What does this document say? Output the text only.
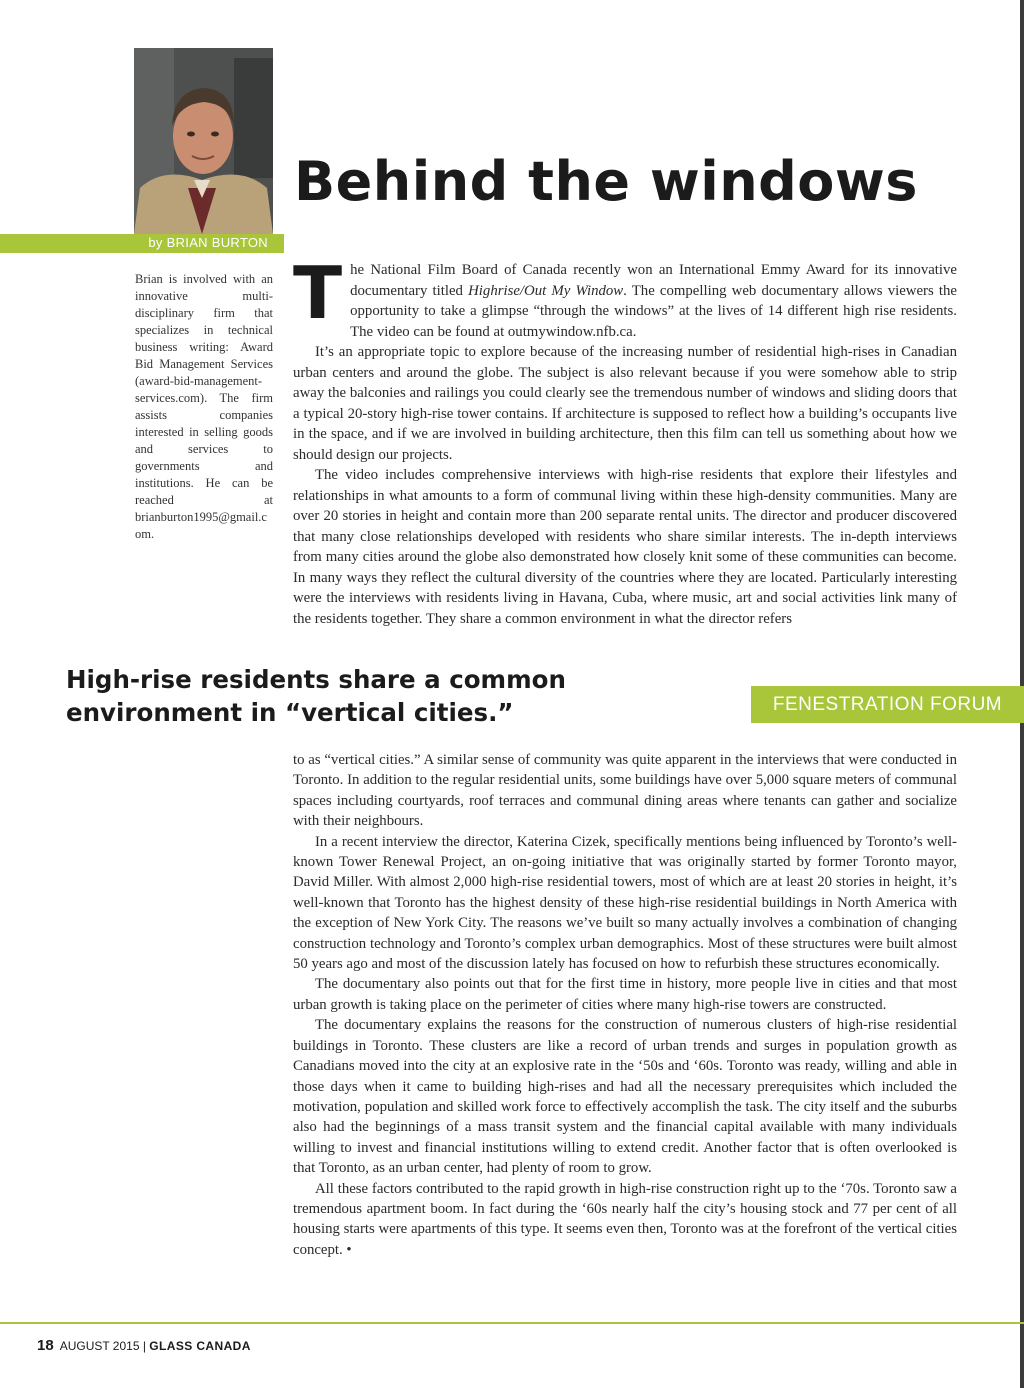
by BRIAN BURTON
Behind the windows

Brian is involved with an innovative multi-disciplinary firm that specializes in technical business writing: Award Bid Management Services (award-bid-management-services.com). The firm assists companies interested in selling goods and services to governments and institutions. He can be reached at brianburton1995@gmail.com.

The National Film Board of Canada recently won an International Emmy Award for its innovative documentary titled Highrise/Out My Window. The compelling web documentary allows viewers the opportunity to take a glimpse “through the windows” at the lives of 14 different high rise residents. The video can be found at outmywindow.nfb.ca.

It’s an appropriate topic to explore because of the increasing number of residential high-rises in Canadian urban centers and around the globe. The subject is also relevant because if you were somehow able to strip away the balconies and railings you could clearly see the tremendous number of windows and sliding doors that a typical 20-story high-rise tower contains. If architecture is supposed to reflect how a building’s occupants live in the space, and if we are involved in building architecture, then this film can tell us something about how we should design our projects.

The video includes comprehensive interviews with high-rise residents that explore their lifestyles and relationships in what amounts to a form of communal living within these high-density communities. Many are over 20 stories in height and contain more than 200 separate rental units. The director and producer discovered that many close relationships developed with residents who share similar interests. The in-depth interviews from many cities around the globe also demonstrated how closely knit some of these communities can become. In many ways they reflect the cultural diversity of the countries where they are located. Particularly interesting were the interviews with residents living in Havana, Cuba, where music, art and social activities link many of the residents together. They share a common environment in what the director refers

High-rise residents share a common environment in “vertical cities.”	FENESTRATION FORUM

to as “vertical cities.” A similar sense of community was quite apparent in the interviews that were conducted in Toronto. In addition to the regular residential units, some buildings have over 5,000 square meters of communal spaces including courtyards, roof terraces and communal dining areas where tenants can gather and socialize with their neighbours.

In a recent interview the director, Katerina Cizek, specifically mentions being influenced by Toronto’s well-known Tower Renewal Project, an on-going initiative that was originally started by former Toronto mayor, David Miller. With almost 2,000 high-rise residential towers, most of which are at least 20 stories in height, it’s well-known that Toronto has the highest density of these high-rise residential buildings in North America with the exception of New York City. The reasons we’ve built so many actually involves a combination of changing construction technology and Toronto’s complex urban demographics. Most of these structures were built almost 50 years ago and most of the discussion lately has focused on how to refurbish these structures economically.

The documentary also points out that for the first time in history, more people live in cities and that most urban growth is taking place on the perimeter of cities where many high-rise towers are constructed.

The documentary explains the reasons for the construction of numerous clusters of high-rise residential buildings in Toronto. These clusters are like a record of urban trends and surges in population growth as Canadians moved into the city at an explosive rate in the ‘50s and ‘60s. Toronto was ready, willing and able in those days when it came to building high-rises and had all the necessary prerequisites which included the motivation, population and skilled work force to effectively accomplish the task. The city itself and the suburbs also had the beginnings of a mass transit system and the financial capital available with many individuals willing to invest and financial institutions willing to extend credit. Another factor that is often overlooked is that Toronto, as an urban center, had plenty of room to grow.

All these factors contributed to the rapid growth in high-rise construction right up to the ‘70s. Toronto saw a tremendous apartment boom. In fact during the ‘60s nearly half the city’s housing stock and 77 per cent of all housing starts were apartments of this type. It seems even then, Toronto was at the forefront of the vertical cities concept. •

18 AUGUST 2015 | GLASS CANADA
